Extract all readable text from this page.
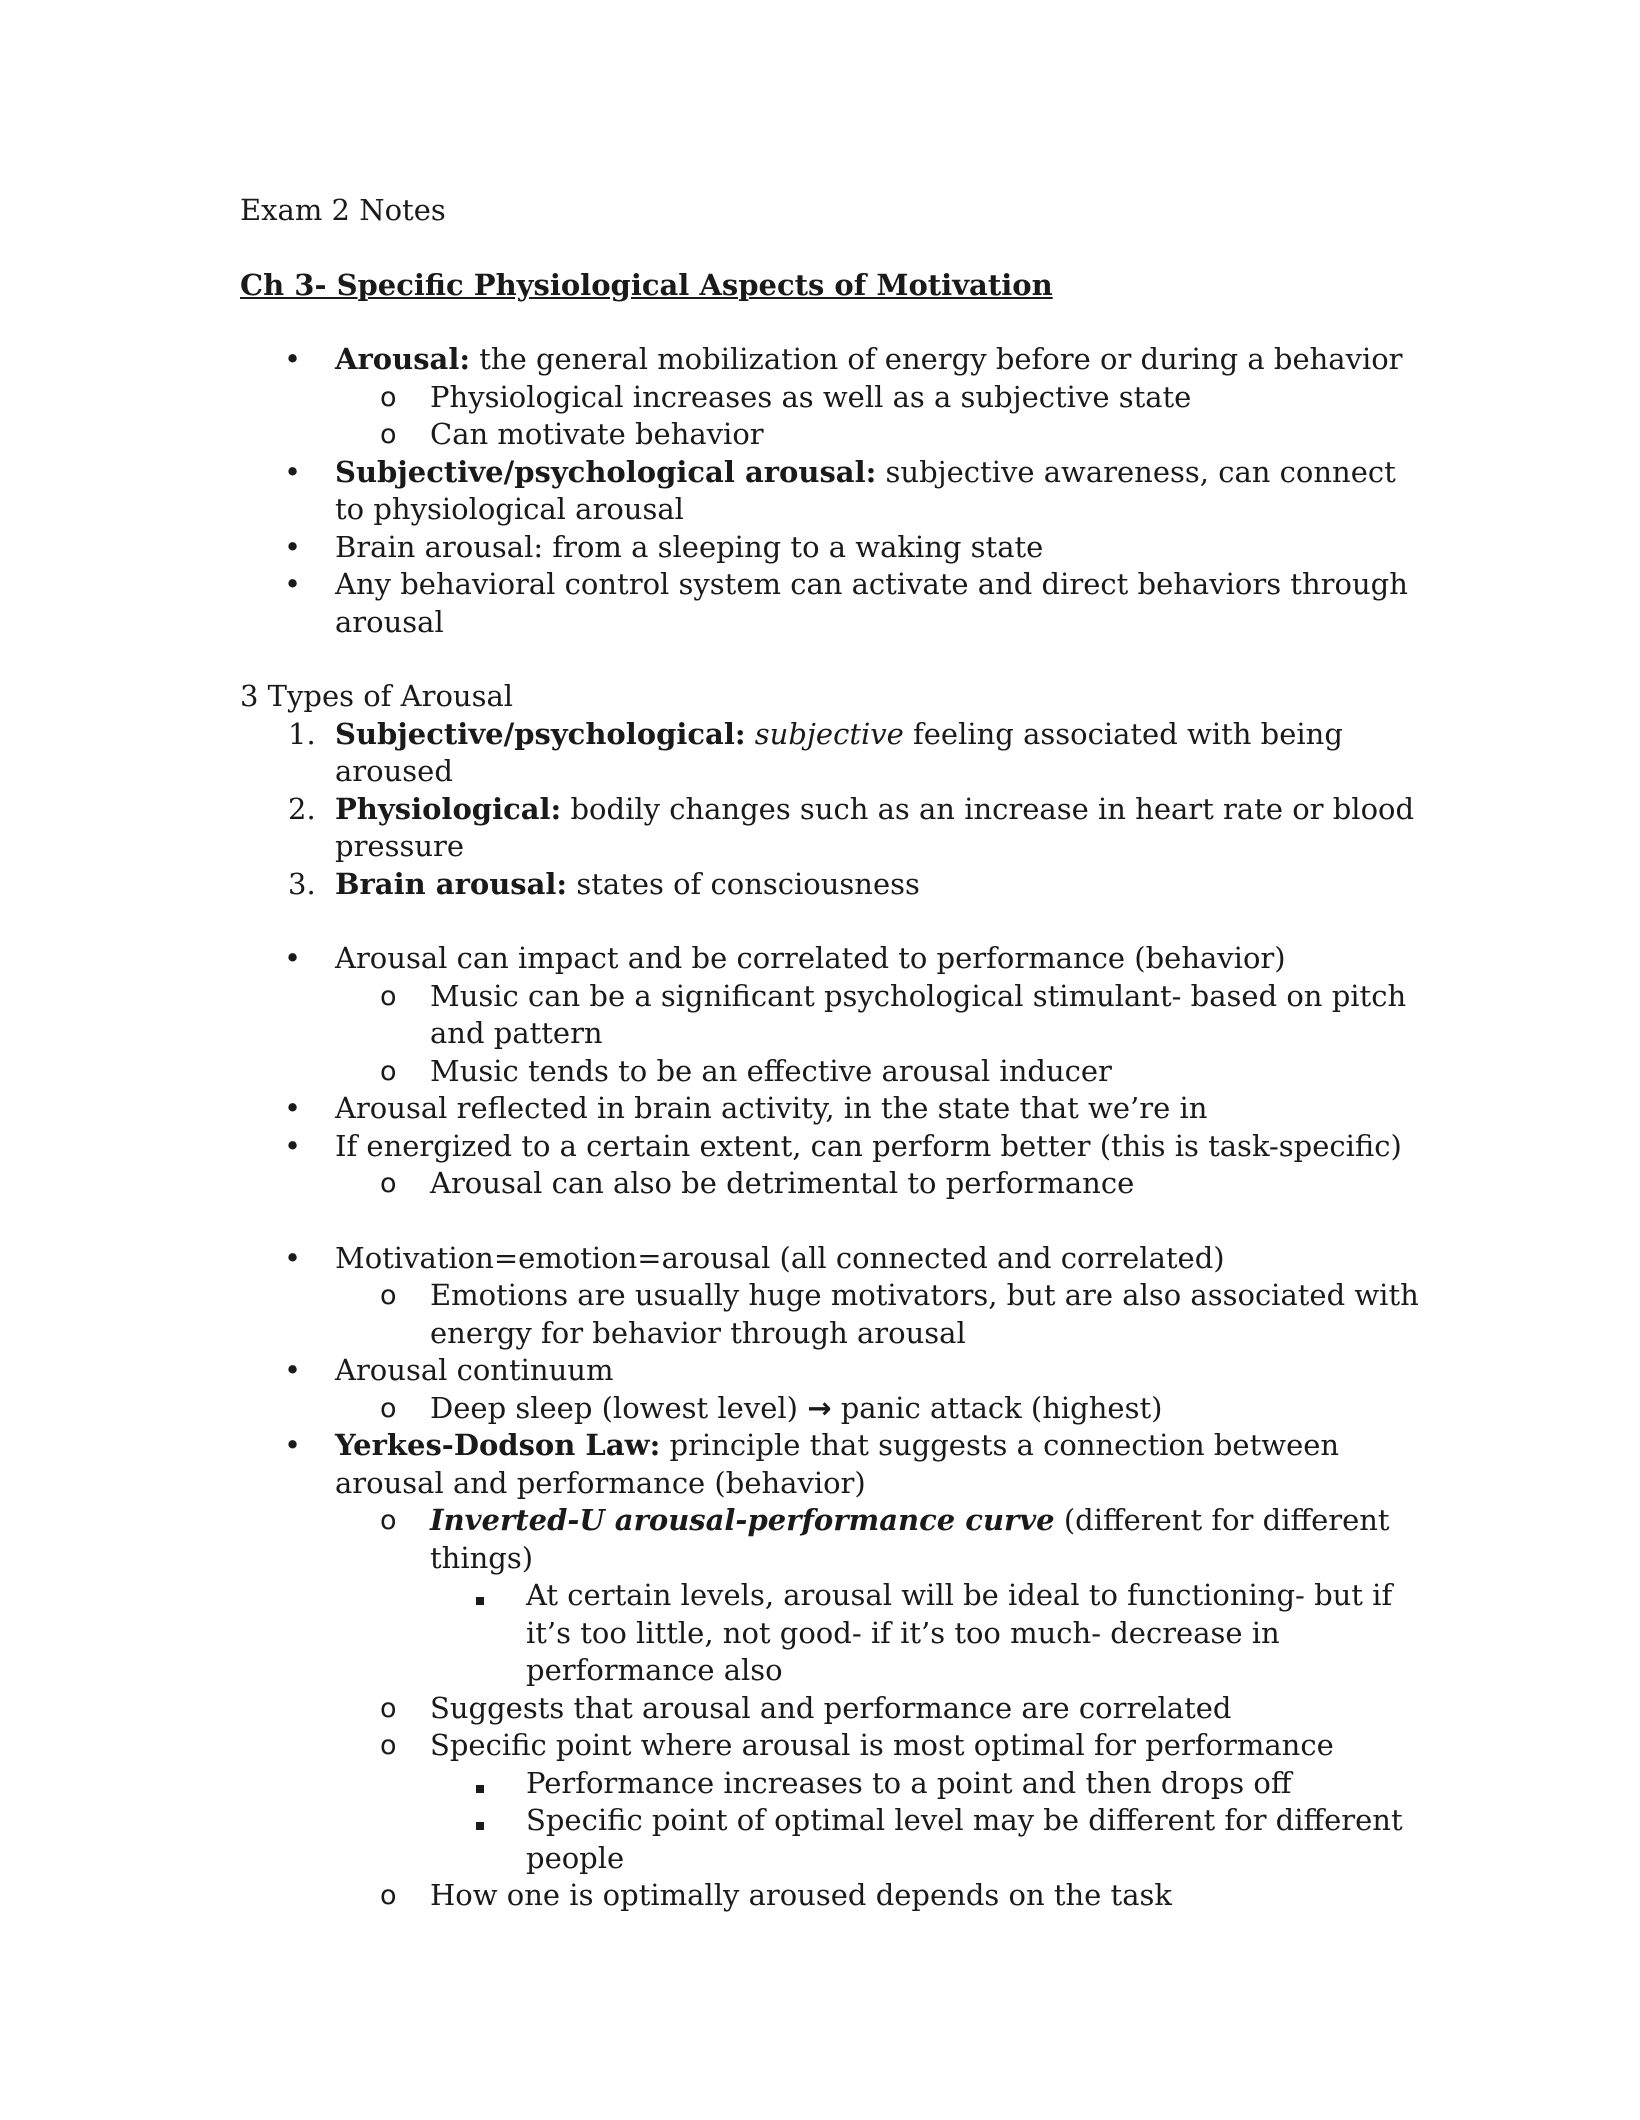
Exam 2 Notes

Ch 3- Specific Physiological Aspects of Motivation

• Arousal: the general mobilization of energy before or during a behavior
o Physiological increases as well as a subjective state
o Can motivate behavior
• Subjective/psychological arousal: subjective awareness, can connect to physiological arousal
• Brain arousal: from a sleeping to a waking state
• Any behavioral control system can activate and direct behaviors through arousal

3 Types of Arousal

1. Subjective/psychological: subjective feeling associated with being aroused
2. Physiological: bodily changes such as an increase in heart rate or blood pressure
3. Brain arousal: states of consciousness
• Arousal can impact and be correlated to performance (behavior)
o Music can be a significant psychological stimulant- based on pitch and pattern
o Music tends to be an effective arousal inducer
• Arousal reflected in brain activity, in the state that we’re in
• If energized to a certain extent, can perform better (this is task-specific)
o Arousal can also be detrimental to performance
• Motivation=emotion=arousal (all connected and correlated)
o Emotions are usually huge motivators, but are also associated with energy for behavior through arousal
• Arousal continuum
o Deep sleep (lowest level) → panic attack (highest)
• Yerkes-Dodson Law: principle that suggests a connection between arousal and performance (behavior)
o Inverted-U arousal-performance curve (different for different things)
At certain levels, arousal will be ideal to functioning- but if it’s too little, not good- if it’s too much- decrease in performance also
o Suggests that arousal and performance are correlated
o Specific point where arousal is most optimal for performance
Performance increases to a point and then drops off
Specific point of optimal level may be different for different people
o How one is optimally aroused depends on the task
